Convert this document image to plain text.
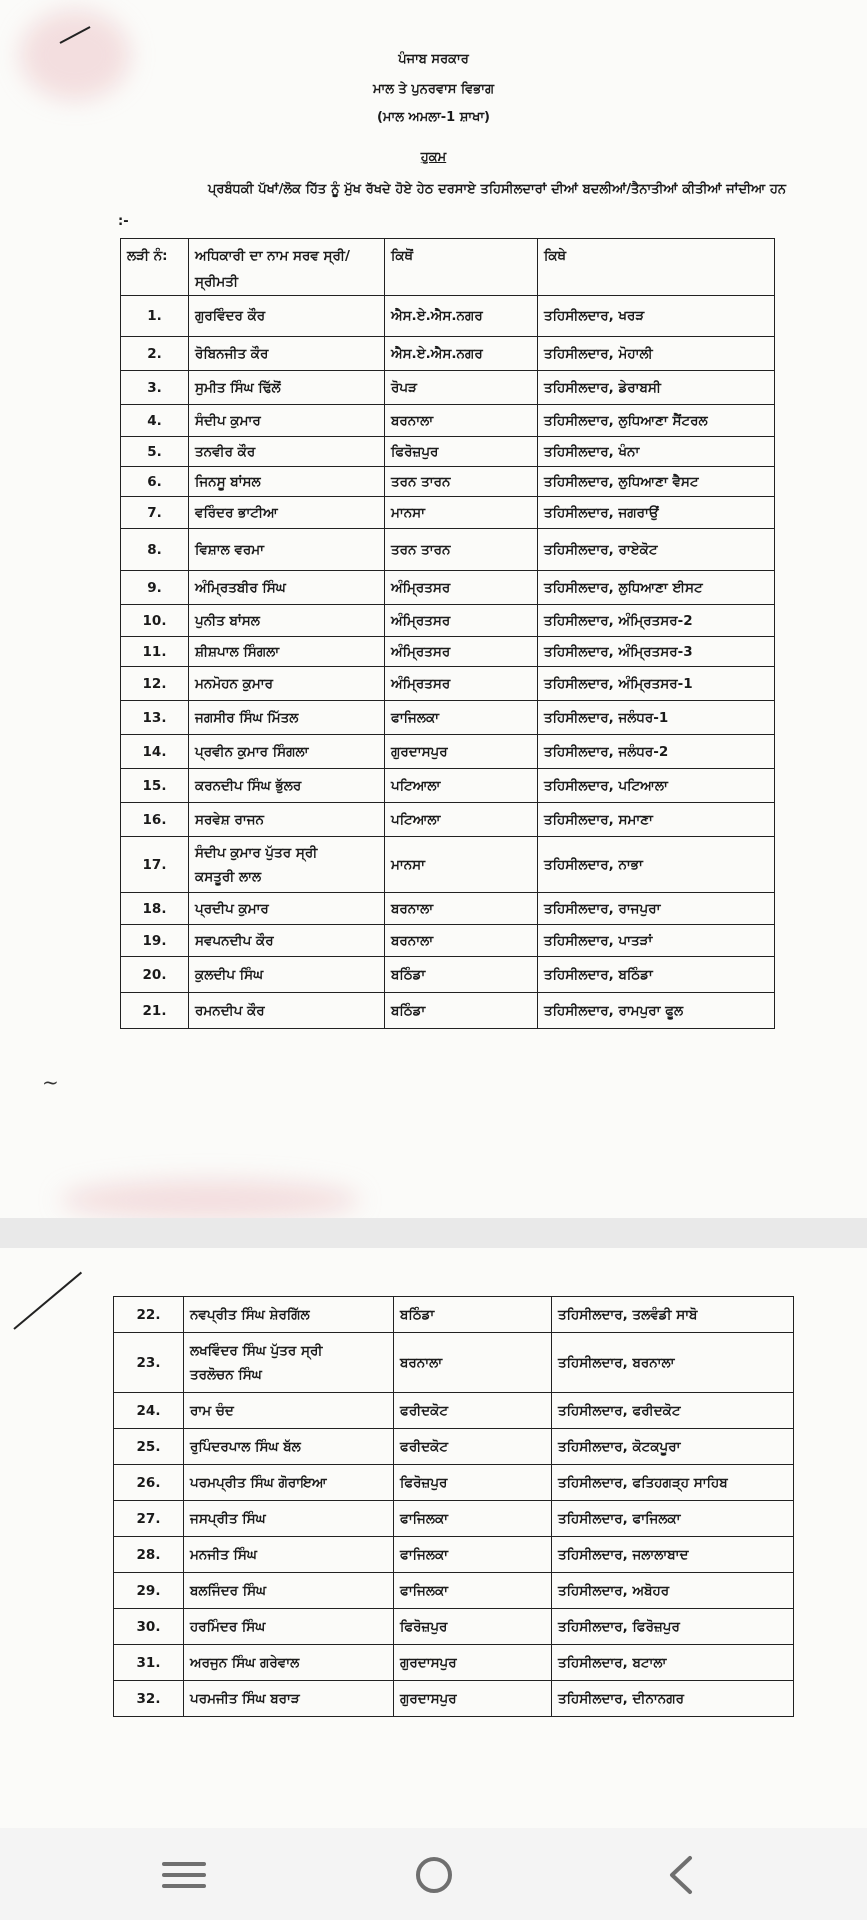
ਪੰਜਾਬ ਸਰਕਾਰ
ਮਾਲ ਤੇ ਪੁਨਰਵਾਸ ਵਿਭਾਗ
(ਮਾਲ ਅਮਲਾ-1 ਸ਼ਾਖਾ)
ਹੁਕਮ
ਪ੍ਰਬੰਧਕੀ ਪੱਖਾਂ/ਲੋਕ ਹਿੱਤ ਨੂੰ ਮੁੱਖ ਰੱਖਦੇ ਹੋਏ ਹੇਠ ਦਰਸਾਏ ਤਹਿਸੀਲਦਾਰਾਂ ਦੀਆਂ ਬਦਲੀਆਂ/ਤੈਨਾਤੀਆਂ ਕੀਤੀਆਂ ਜਾਂਦੀਆ ਹਨ :-
~
ਲੜੀ ਨੰ:	ਅਧਿਕਾਰੀ ਦਾ ਨਾਮ ਸਰਵ ਸ੍ਰੀ/ਸ੍ਰੀਮਤੀ	ਕਿਥੋਂ	ਕਿਥੇ
1.	ਗੁਰਵਿੰਦਰ ਕੌਰ	ਐਸ.ਏ.ਐਸ.ਨਗਰ	ਤਹਿਸੀਲਦਾਰ, ਖਰੜ
2.	ਰੋਬਿਨਜੀਤ ਕੌਰ	ਐਸ.ਏ.ਐਸ.ਨਗਰ	ਤਹਿਸੀਲਦਾਰ, ਮੋਹਾਲੀ
3.	ਸੁਮੀਤ ਸਿੰਘ ਢਿੱਲੋਂ	ਰੋਪੜ	ਤਹਿਸੀਲਦਾਰ, ਡੇਰਾਬਸੀ
4.	ਸੰਦੀਪ ਕੁਮਾਰ	ਬਰਨਾਲਾ	ਤਹਿਸੀਲਦਾਰ, ਲੁਧਿਆਣਾ ਸੈਂਟਰਲ
5.	ਤਨਵੀਰ ਕੌਰ	ਫਿਰੋਜ਼ਪੁਰ	ਤਹਿਸੀਲਦਾਰ, ਖੰਨਾ
6.	ਜਿਨਸੂ ਬਾਂਸਲ	ਤਰਨ ਤਾਰਨ	ਤਹਿਸੀਲਦਾਰ, ਲੁਧਿਆਣਾ ਵੈਸਟ
7.	ਵਰਿੰਦਰ ਭਾਟੀਆ	ਮਾਨਸਾ	ਤਹਿਸੀਲਦਾਰ, ਜਗਰਾਉਂ
8.	ਵਿਸ਼ਾਲ ਵਰਮਾ	ਤਰਨ ਤਾਰਨ	ਤਹਿਸੀਲਦਾਰ, ਰਾਏਕੋਟ
9.	ਅੰਮ੍ਰਿਤਬੀਰ ਸਿੰਘ	ਅੰਮ੍ਰਿਤਸਰ	ਤਹਿਸੀਲਦਾਰ, ਲੁਧਿਆਣਾ ਈਸਟ
10.	ਪੁਨੀਤ ਬਾਂਸਲ	ਅੰਮ੍ਰਿਤਸਰ	ਤਹਿਸੀਲਦਾਰ, ਅੰਮ੍ਰਿਤਸਰ-2
11.	ਸ਼ੀਸ਼ਪਾਲ ਸਿੰਗਲਾ	ਅੰਮ੍ਰਿਤਸਰ	ਤਹਿਸੀਲਦਾਰ, ਅੰਮ੍ਰਿਤਸਰ-3
12.	ਮਨਮੋਹਨ ਕੁਮਾਰ	ਅੰਮ੍ਰਿਤਸਰ	ਤਹਿਸੀਲਦਾਰ, ਅੰਮ੍ਰਿਤਸਰ-1
13.	ਜਗਸੀਰ ਸਿੰਘ ਮਿੱਤਲ	ਫਾਜਿਲਕਾ	ਤਹਿਸੀਲਦਾਰ, ਜਲੰਧਰ-1
14.	ਪ੍ਰਵੀਨ ਕੁਮਾਰ ਸਿੰਗਲਾ	ਗੁਰਦਾਸਪੁਰ	ਤਹਿਸੀਲਦਾਰ, ਜਲੰਧਰ-2
15.	ਕਰਨਦੀਪ ਸਿੰਘ ਭੁੱਲਰ	ਪਟਿਆਲਾ	ਤਹਿਸੀਲਦਾਰ, ਪਟਿਆਲਾ
16.	ਸਰਵੇਸ਼ ਰਾਜਨ	ਪਟਿਆਲਾ	ਤਹਿਸੀਲਦਾਰ, ਸਮਾਣਾ
17.	ਸੰਦੀਪ ਕੁਮਾਰ ਪੁੱਤਰ ਸ੍ਰੀ
ਕਸਤੂਰੀ ਲਾਲ	ਮਾਨਸਾ	ਤਹਿਸੀਲਦਾਰ, ਨਾਭਾ
18.	ਪ੍ਰਦੀਪ ਕੁਮਾਰ	ਬਰਨਾਲਾ	ਤਹਿਸੀਲਦਾਰ, ਰਾਜਪੁਰਾ
19.	ਸਵਪਨਦੀਪ ਕੌਰ	ਬਰਨਾਲਾ	ਤਹਿਸੀਲਦਾਰ, ਪਾਤੜਾਂ
20.	ਕੁਲਦੀਪ ਸਿੰਘ	ਬਠਿੰਡਾ	ਤਹਿਸੀਲਦਾਰ, ਬਠਿੰਡਾ
21.	ਰਮਨਦੀਪ ਕੌਰ	ਬਠਿੰਡਾ	ਤਹਿਸੀਲਦਾਰ, ਰਾਮਪੁਰਾ ਫੂਲ
22.	ਨਵਪ੍ਰੀਤ ਸਿੰਘ ਸ਼ੇਰਗਿੱਲ	ਬਠਿੰਡਾ	ਤਹਿਸੀਲਦਾਰ, ਤਲਵੰਡੀ ਸਾਬੋ
23.	ਲਖਵਿੰਦਰ ਸਿੰਘ ਪੁੱਤਰ ਸ੍ਰੀ
ਤਰਲੋਚਨ ਸਿੰਘ	ਬਰਨਾਲਾ	ਤਹਿਸੀਲਦਾਰ, ਬਰਨਾਲਾ
24.	ਰਾਮ ਚੰਦ	ਫਰੀਦਕੋਟ	ਤਹਿਸੀਲਦਾਰ, ਫਰੀਦਕੋਟ
25.	ਰੁਪਿੰਦਰਪਾਲ ਸਿੰਘ ਬੱਲ	ਫਰੀਦਕੋਟ	ਤਹਿਸੀਲਦਾਰ, ਕੋਟਕਪੂਰਾ
26.	ਪਰਮਪ੍ਰੀਤ ਸਿੰਘ ਗੋਰਾਇਆ	ਫਿਰੋਜ਼ਪੁਰ	ਤਹਿਸੀਲਦਾਰ, ਫਤਿਹਗੜ੍ਹ ਸਾਹਿਬ
27.	ਜਸਪ੍ਰੀਤ ਸਿੰਘ	ਫਾਜਿਲਕਾ	ਤਹਿਸੀਲਦਾਰ, ਫਾਜਿਲਕਾ
28.	ਮਨਜੀਤ ਸਿੰਘ	ਫਾਜਿਲਕਾ	ਤਹਿਸੀਲਦਾਰ, ਜਲਾਲਾਬਾਦ
29.	ਬਲਜਿੰਦਰ ਸਿੰਘ	ਫਾਜਿਲਕਾ	ਤਹਿਸੀਲਦਾਰ, ਅਬੋਹਰ
30.	ਹਰਮਿੰਦਰ ਸਿੰਘ	ਫਿਰੋਜ਼ਪੁਰ	ਤਹਿਸੀਲਦਾਰ, ਫਿਰੋਜ਼ਪੁਰ
31.	ਅਰਜੁਨ ਸਿੰਘ ਗਰੇਵਾਲ	ਗੁਰਦਾਸਪੁਰ	ਤਹਿਸੀਲਦਾਰ, ਬਟਾਲਾ
32.	ਪਰਮਜੀਤ ਸਿੰਘ ਬਰਾੜ	ਗੁਰਦਾਸਪੁਰ	ਤਹਿਸੀਲਦਾਰ, ਦੀਨਾਨਗਰ
